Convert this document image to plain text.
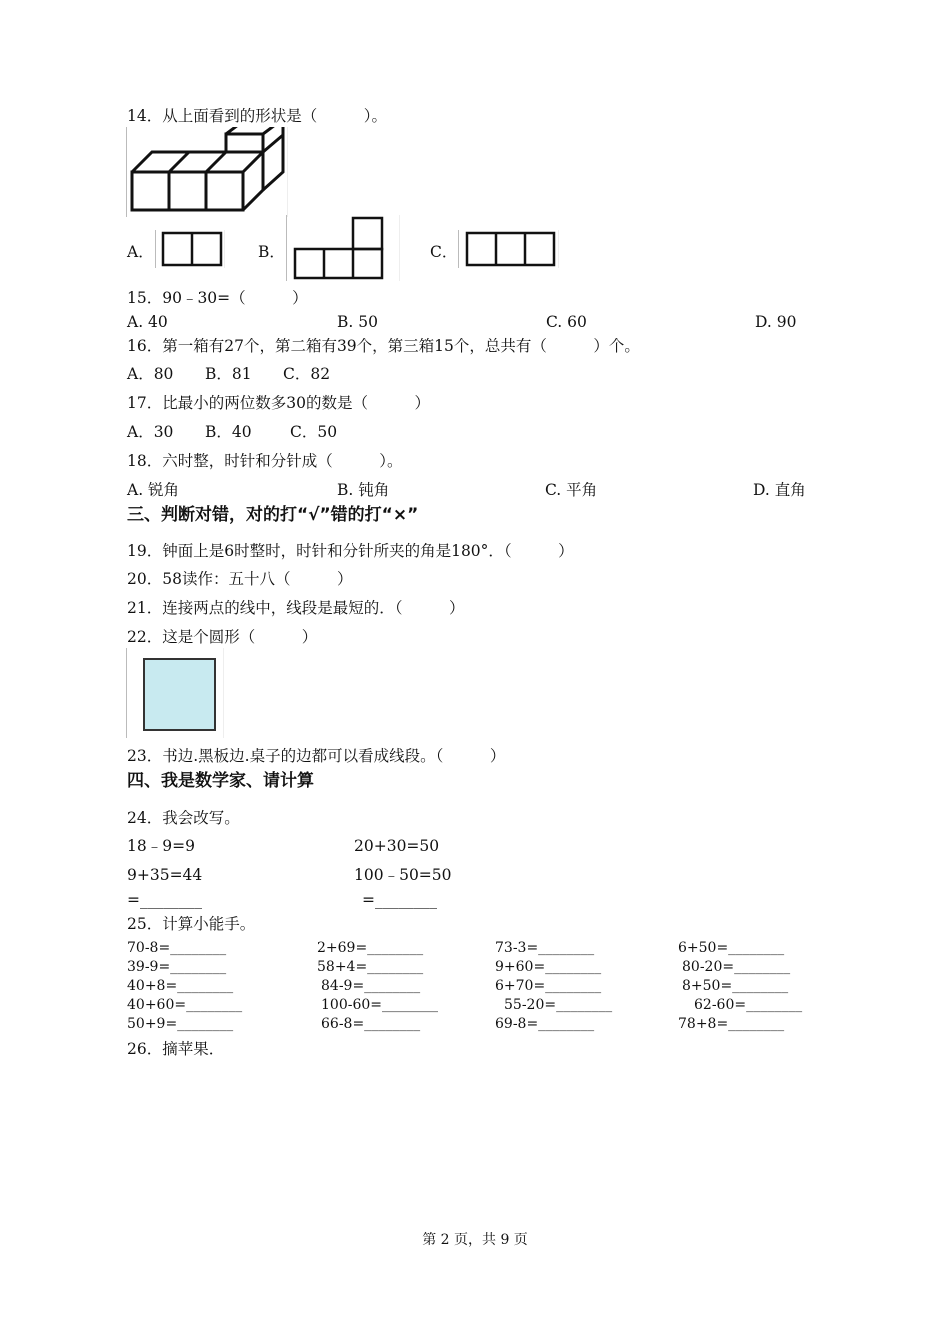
14．从上面看到的形状是（　　　）。
A．	B．	C．
15．90﹣30=（　　　）
A. 40	B. 50	C. 60	D. 90
16．第一箱有27个，第二箱有39个，第三箱15个，总共有（　　　）个。
A．80 B．81 C．82
17．比最小的两位数多30的数是（　　　）
A．30 B．40 C．50
18．六时整，时针和分针成（　　　）。
A. 锐角	B. 钝角	C. 平角	D. 直角
三、判断对错，对的打“√”错的打“×”
19．钟面上是6时整时，时针和分针所夹的角是180°．（　　　）
20．58读作：五十八（　　　）
21．连接两点的线中，线段是最短的．（　　　）
22．这是个圆形（　　　）
23．书边.黑板边.桌子的边都可以看成线段。（　　　）
四、我是数学家、请计算
24．我会改写。
18﹣9=9	20+30=50
9+35=44	100﹣50=50
=________	=________
25．计算小能手。
70-8=________	2+69=________	73-3=________	6+50=________
39-9=________	58+4=________	9+60=________	80-20=________
40+8=________	84-9=________	6+70=________	8+50=________
40+60=________	100-60=________	55-20=________	62-60=________
50+9=________	66-8=________	69-8=________	78+8=________
26．摘苹果．
第 2 页，共 9 页
